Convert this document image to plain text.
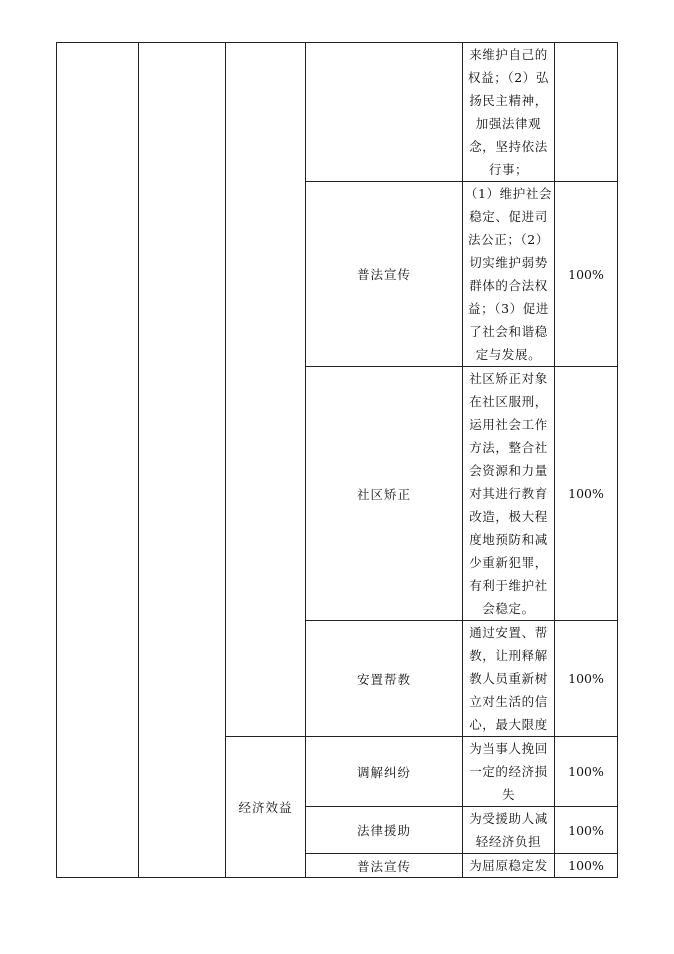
				来维护自己的权益；（2）弘扬民主精神，加强法律观念，坚持依法行事；	

			普法宣传	（1）维护社会稳定、促进司法公正；（2）切实维护弱势群体的合法权益；（3）促进了社会和谐稳定与发展。	100%
			社区矫正	社区矫正对象在社区服刑，运用社会工作方法，整合社会资源和力量对其进行教育改造，极大程度地预防和减少重新犯罪，有利于维护社会稳定。	100%
			安置帮教	通过安置、帮教，让刑释解教人员重新树立对生活的信心，最大限度	100%
		经济效益	调解纠纷	为当事人挽回一定的经济损失	100%
			法律援助	为受援助人减轻经济负担	100%
			普法宣传	为屈原稳定发	100%
